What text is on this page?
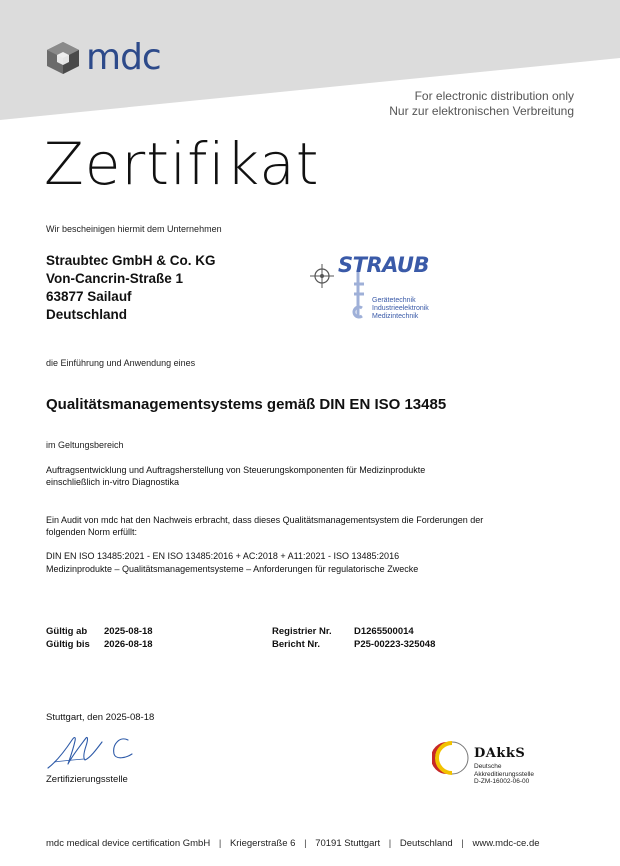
mdc
For electronic distribution only
Nur zur elektronischen Verbreitung
Zertifikat
Wir bescheinigen hiermit dem Unternehmen
Straubtec GmbH & Co. KG
Von-Cancrin-Straße 1
63877 Sailauf
Deutschland
STRAUB
Gerätetechnik
Industrieelektronik
Medizintechnik
die Einführung und Anwendung eines
Qualitätsmanagementsystems gemäß DIN EN ISO 13485
im Geltungsbereich
Auftragsentwicklung und Auftragsherstellung von Steuerungskomponenten für Medizinprodukte
einschließlich in-vitro Diagnostika
Ein Audit von mdc hat den Nachweis erbracht, dass dieses Qualitätsmanagementsystem die Forderungen der
folgenden Norm erfüllt:
DIN EN ISO 13485:2021 - EN ISO 13485:2016 + AC:2018 + A11:2021 - ISO 13485:2016
Medizinprodukte – Qualitätsmanagementsysteme – Anforderungen für regulatorische Zwecke
Gültig ab	2025-08-18	Registrier Nr.	D1265500014
Gültig bis	2026-08-18	Bericht Nr.	P25-00223-325048
Stuttgart, den 2025-08-18
Zertifizierungsstelle
DAkkS
Deutsche
Akkreditierungsstelle
D-ZM-16002-06-00
mdc medical device certification GmbH | Kriegerstraße 6 | 70191 Stuttgart | Deutschland | www.mdc-ce.de
